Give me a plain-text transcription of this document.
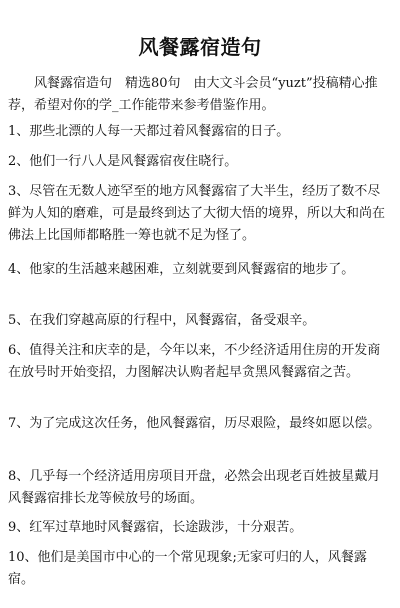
风餐露宿造句
风餐露宿造句　精选80句　由大文斗会员“yuzt”投稿精心推荐，希望对你的学_工作能带来参考借鉴作用。
1、那些北漂的人每一天都过着风餐露宿的日子。
2、他们一行八人是风餐露宿夜住晓行。
3、尽管在无数人迹罕至的地方风餐露宿了大半生，经历了数不尽鲜为人知的磨难，可是最终到达了大彻大悟的境界，所以大和尚在佛法上比国师都略胜一筹也就不足为怪了。
4、他家的生活越来越困难，立刻就要到风餐露宿的地步了。
5、在我们穿越高原的行程中，风餐露宿，备受艰辛。
6、值得关注和庆幸的是，今年以来，不少经济适用住房的开发商在放号时开始变招，力图解决认购者起早贪黑风餐露宿之苦。
7、为了完成这次任务，他风餐露宿，历尽艰险，最终如愿以偿。
8、几乎每一个经济适用房项目开盘，必然会出现老百姓披星戴月风餐露宿排长龙等候放号的场面。
9、红军过草地时风餐露宿，长途跋涉，十分艰苦。
10、他们是美国市中心的一个常见现象;无家可归的人，风餐露宿。
